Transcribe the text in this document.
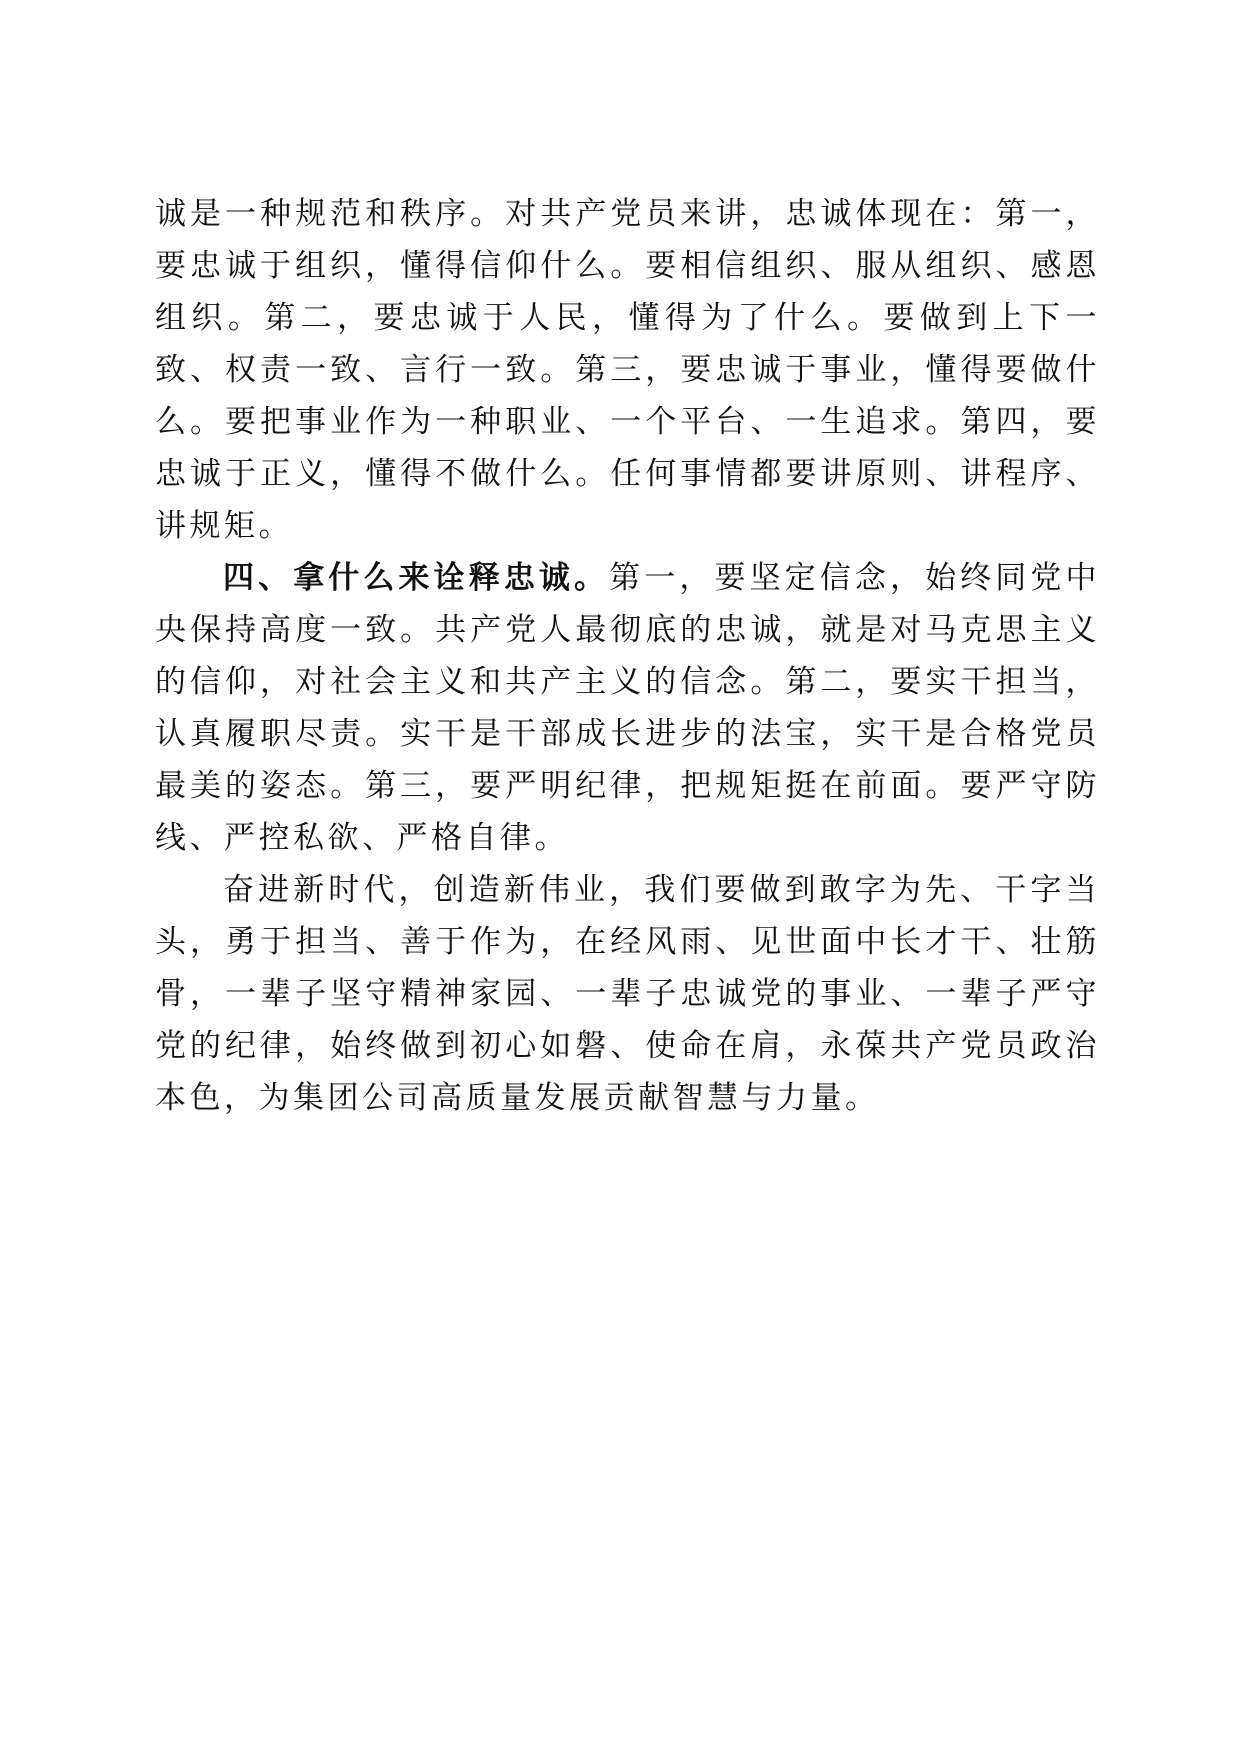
诚是一种规范和秩序。对共产党员来讲，忠诚体现在：第一，要忠诚于组织，懂得信仰什么。要相信组织、服从组织、感恩组织。第二，要忠诚于人民，懂得为了什么。要做到上下一致、权责一致、言行一致。第三，要忠诚于事业，懂得要做什么。要把事业作为一种职业、一个平台、一生追求。第四，要忠诚于正义，懂得不做什么。任何事情都要讲原则、讲程序、讲规矩。

四、拿什么来诠释忠诚。第一，要坚定信念，始终同党中央保持高度一致。共产党人最彻底的忠诚，就是对马克思主义的信仰，对社会主义和共产主义的信念。第二，要实干担当，认真履职尽责。实干是干部成长进步的法宝，实干是合格党员最美的姿态。第三，要严明纪律，把规矩挺在前面。要严守防线、严控私欲、严格自律。

奋进新时代，创造新伟业，我们要做到敢字为先、干字当头，勇于担当、善于作为，在经风雨、见世面中长才干、壮筋骨，一辈子坚守精神家园、一辈子忠诚党的事业、一辈子严守党的纪律，始终做到初心如磐、使命在肩，永葆共产党员政治本色，为集团公司高质量发展贡献智慧与力量。
